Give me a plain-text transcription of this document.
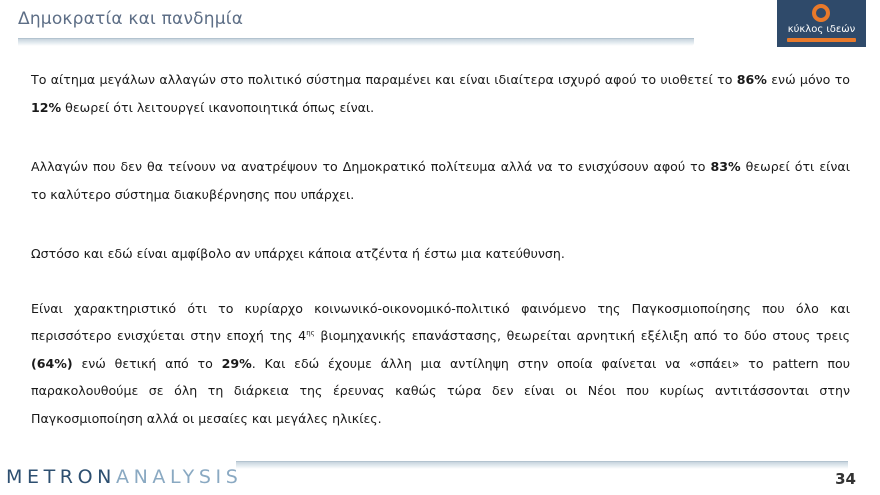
Δημοκρατία και πανδημία
κύκλος ιδεών

Το αίτημα μεγάλων αλλαγών στο πολιτικό σύστημα παραμένει και είναι ιδιαίτερα ισχυρό αφού το υιοθετεί το 86% ενώ μόνο το 12% θεωρεί ότι λειτουργεί ικανοποιητικά όπως είναι.

Αλλαγών που δεν θα τείνουν να ανατρέψουν το Δημοκρατικό πολίτευμα αλλά να το ενισχύσουν αφού το 83% θεωρεί ότι είναι το καλύτερο σύστημα διακυβέρνησης που υπάρχει.

Ωστόσο και εδώ είναι αμφίβολο αν υπάρχει κάποια ατζέντα ή έστω μια κατεύθυνση.

Είναι χαρακτηριστικό ότι το κυρίαρχο κοινωνικό-οικονομικό-πολιτικό φαινόμενο της Παγκοσμιοποίησης που όλο και περισσότερο ενισχύεται στην εποχή της $4^{\eta\varsigma}$ βιομηχανικής επανάστασης, θεωρείται αρνητική εξέλιξη από το δύο στους τρεις (64%) ενώ θετική από το 29%. Και εδώ έχουμε άλλη μια αντίληψη στην οποία φαίνεται να «σπάει» το pattern που παρακολουθούμε σε όλη τη διάρκεια της έρευνας καθώς τώρα δεν είναι οι Νέοι που κυρίως αντιτάσσονται στην Παγκοσμιοποίηση αλλά οι μεσαίες και μεγάλες ηλικίες.

METRONANALYSIS	34
